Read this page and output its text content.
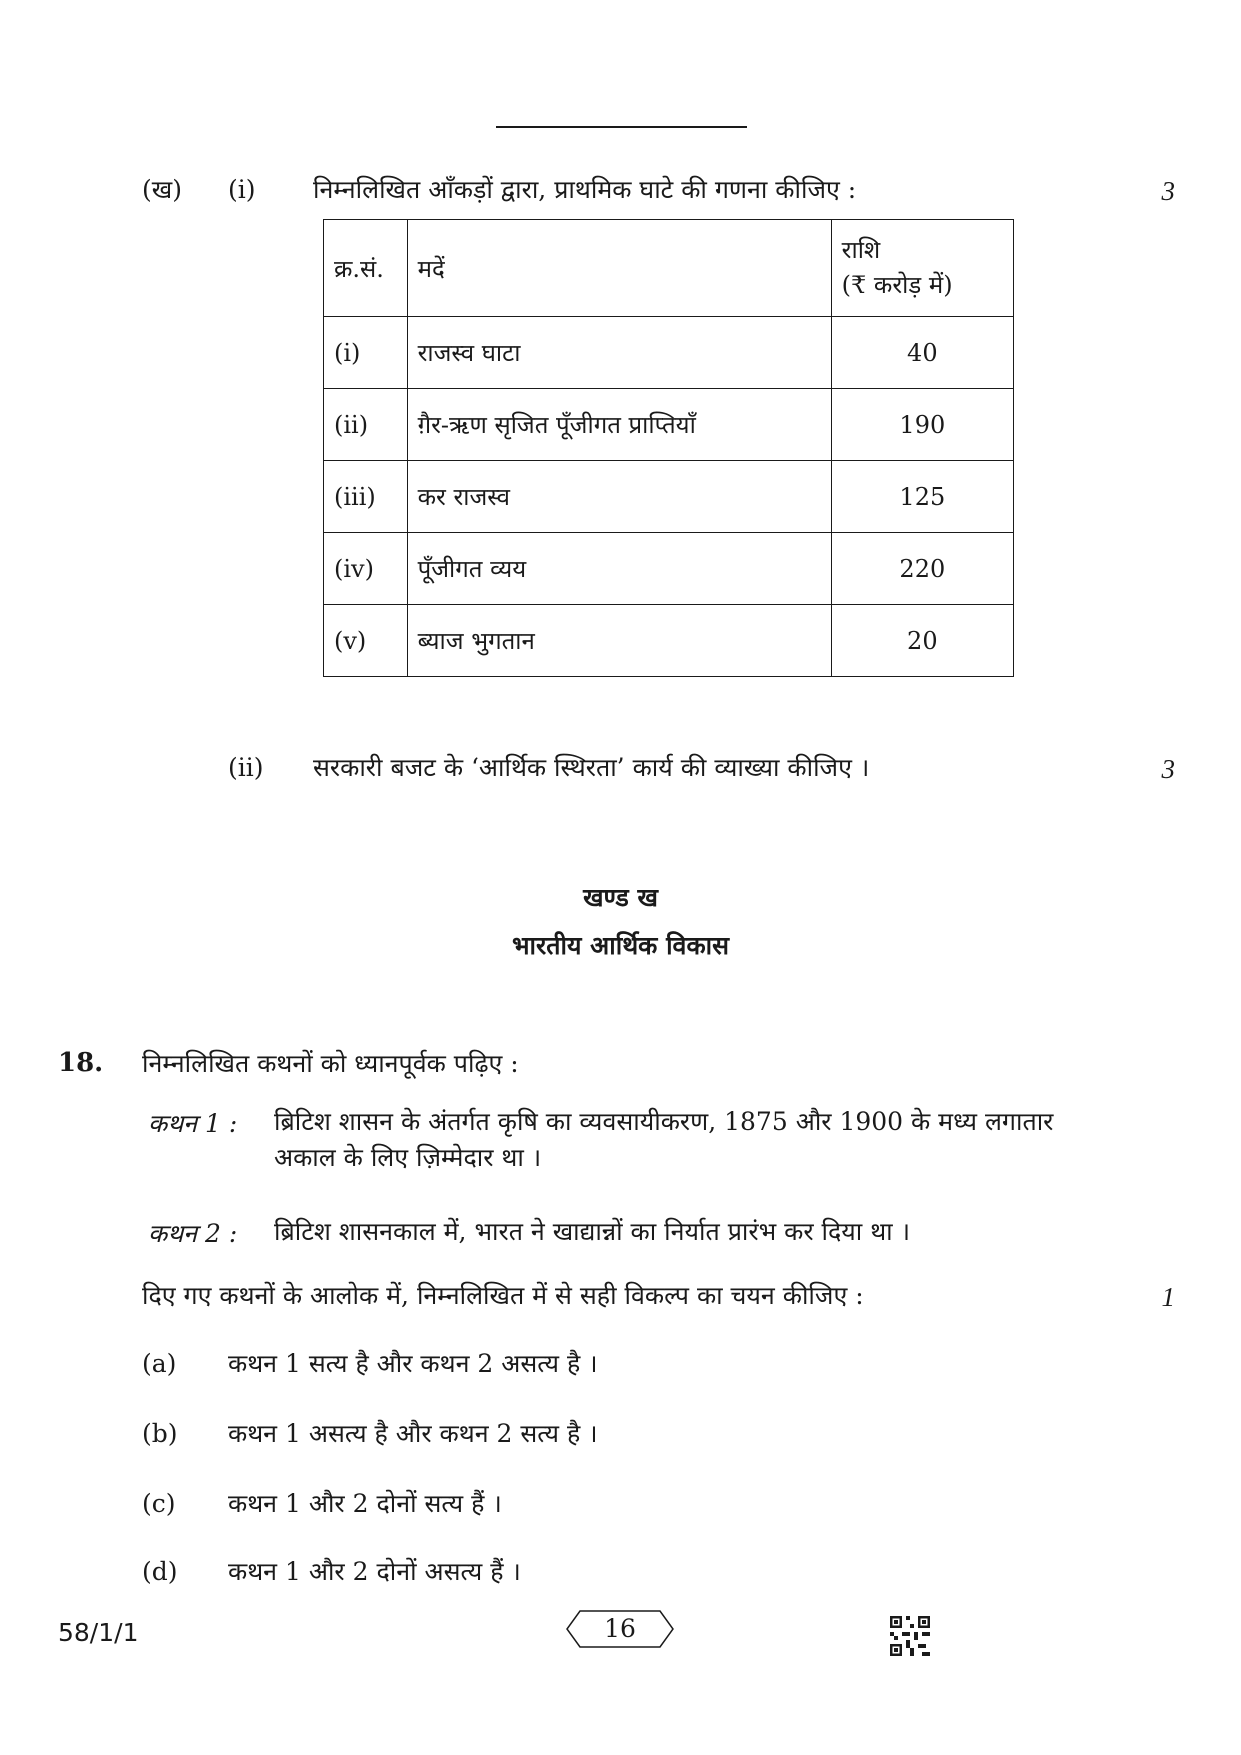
(ख) (i) निम्नलिखित आँकड़ों द्वारा, प्राथमिक घाटे की गणना कीजिए :	3
क्र.सं.	मदें	राशि
(₹ करोड़ में)
(i)	राजस्व घाटा	40
(ii)	ग़ैर-ऋण सृजित पूँजीगत प्राप्तियाँ	190
(iii)	कर राजस्व	125
(iv)	पूँजीगत व्यय	220
(v)	ब्याज भुगतान	20
(ii) सरकारी बजट के ‘आर्थिक स्थिरता’ कार्य की व्याख्या कीजिए ।	3
खण्ड ख
भारतीय आर्थिक विकास
18. निम्नलिखित कथनों को ध्यानपूर्वक पढ़िए :
कथन 1 : ब्रिटिश शासन के अंतर्गत कृषि का व्यवसायीकरण, 1875 और 1900 के मध्य लगातार अकाल के लिए ज़िम्मेदार था ।
कथन 2 : ब्रिटिश शासनकाल में, भारत ने खाद्यान्नों का निर्यात प्रारंभ कर दिया था ।
दिए गए कथनों के आलोक में, निम्नलिखित में से सही विकल्प का चयन कीजिए :	1
(a) कथन 1 सत्य है और कथन 2 असत्य है ।
(b) कथन 1 असत्य है और कथन 2 सत्य है ।
(c) कथन 1 और 2 दोनों सत्य हैं ।
(d) कथन 1 और 2 दोनों असत्य हैं ।
58/1/1	16
